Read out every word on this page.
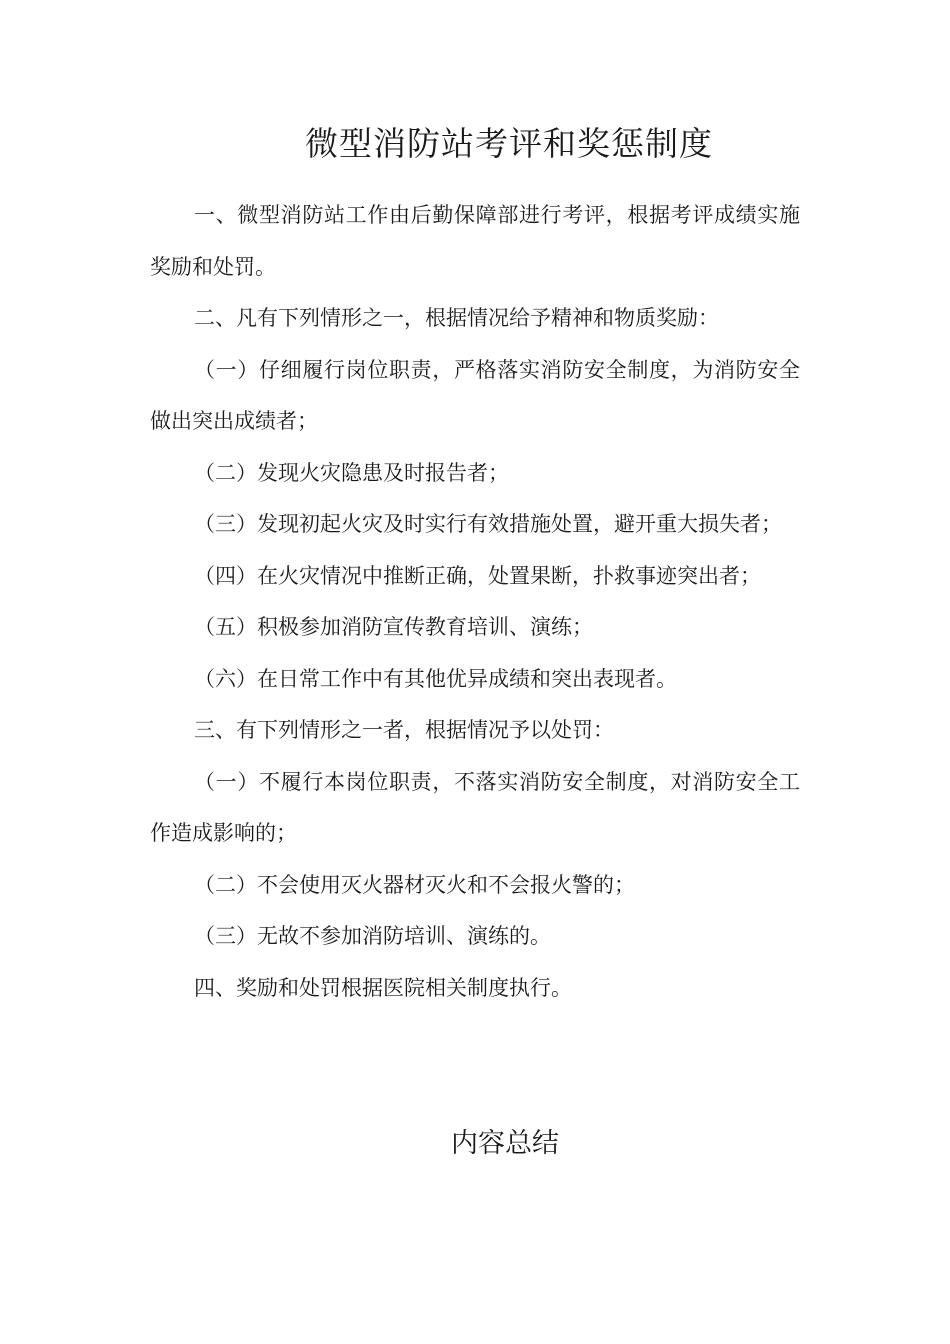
微型消防站考评和奖惩制度

一、微型消防站工作由后勤保障部进行考评，根据考评成绩实施奖励和处罚。

二、凡有下列情形之一，根据情况给予精神和物质奖励：

（一）仔细履行岗位职责，严格落实消防安全制度，为消防安全做出突出成绩者；

（二）发现火灾隐患及时报告者；

（三）发现初起火灾及时实行有效措施处置，避开重大损失者；

（四）在火灾情况中推断正确，处置果断，扑救事迹突出者；

（五）积极参加消防宣传教育培训、演练；

（六）在日常工作中有其他优异成绩和突出表现者。

三、有下列情形之一者，根据情况予以处罚：

（一）不履行本岗位职责，不落实消防安全制度，对消防安全工作造成影响的；

（二）不会使用灭火器材灭火和不会报火警的；

（三）无故不参加消防培训、演练的。

四、奖励和处罚根据医院相关制度执行。

内容总结
